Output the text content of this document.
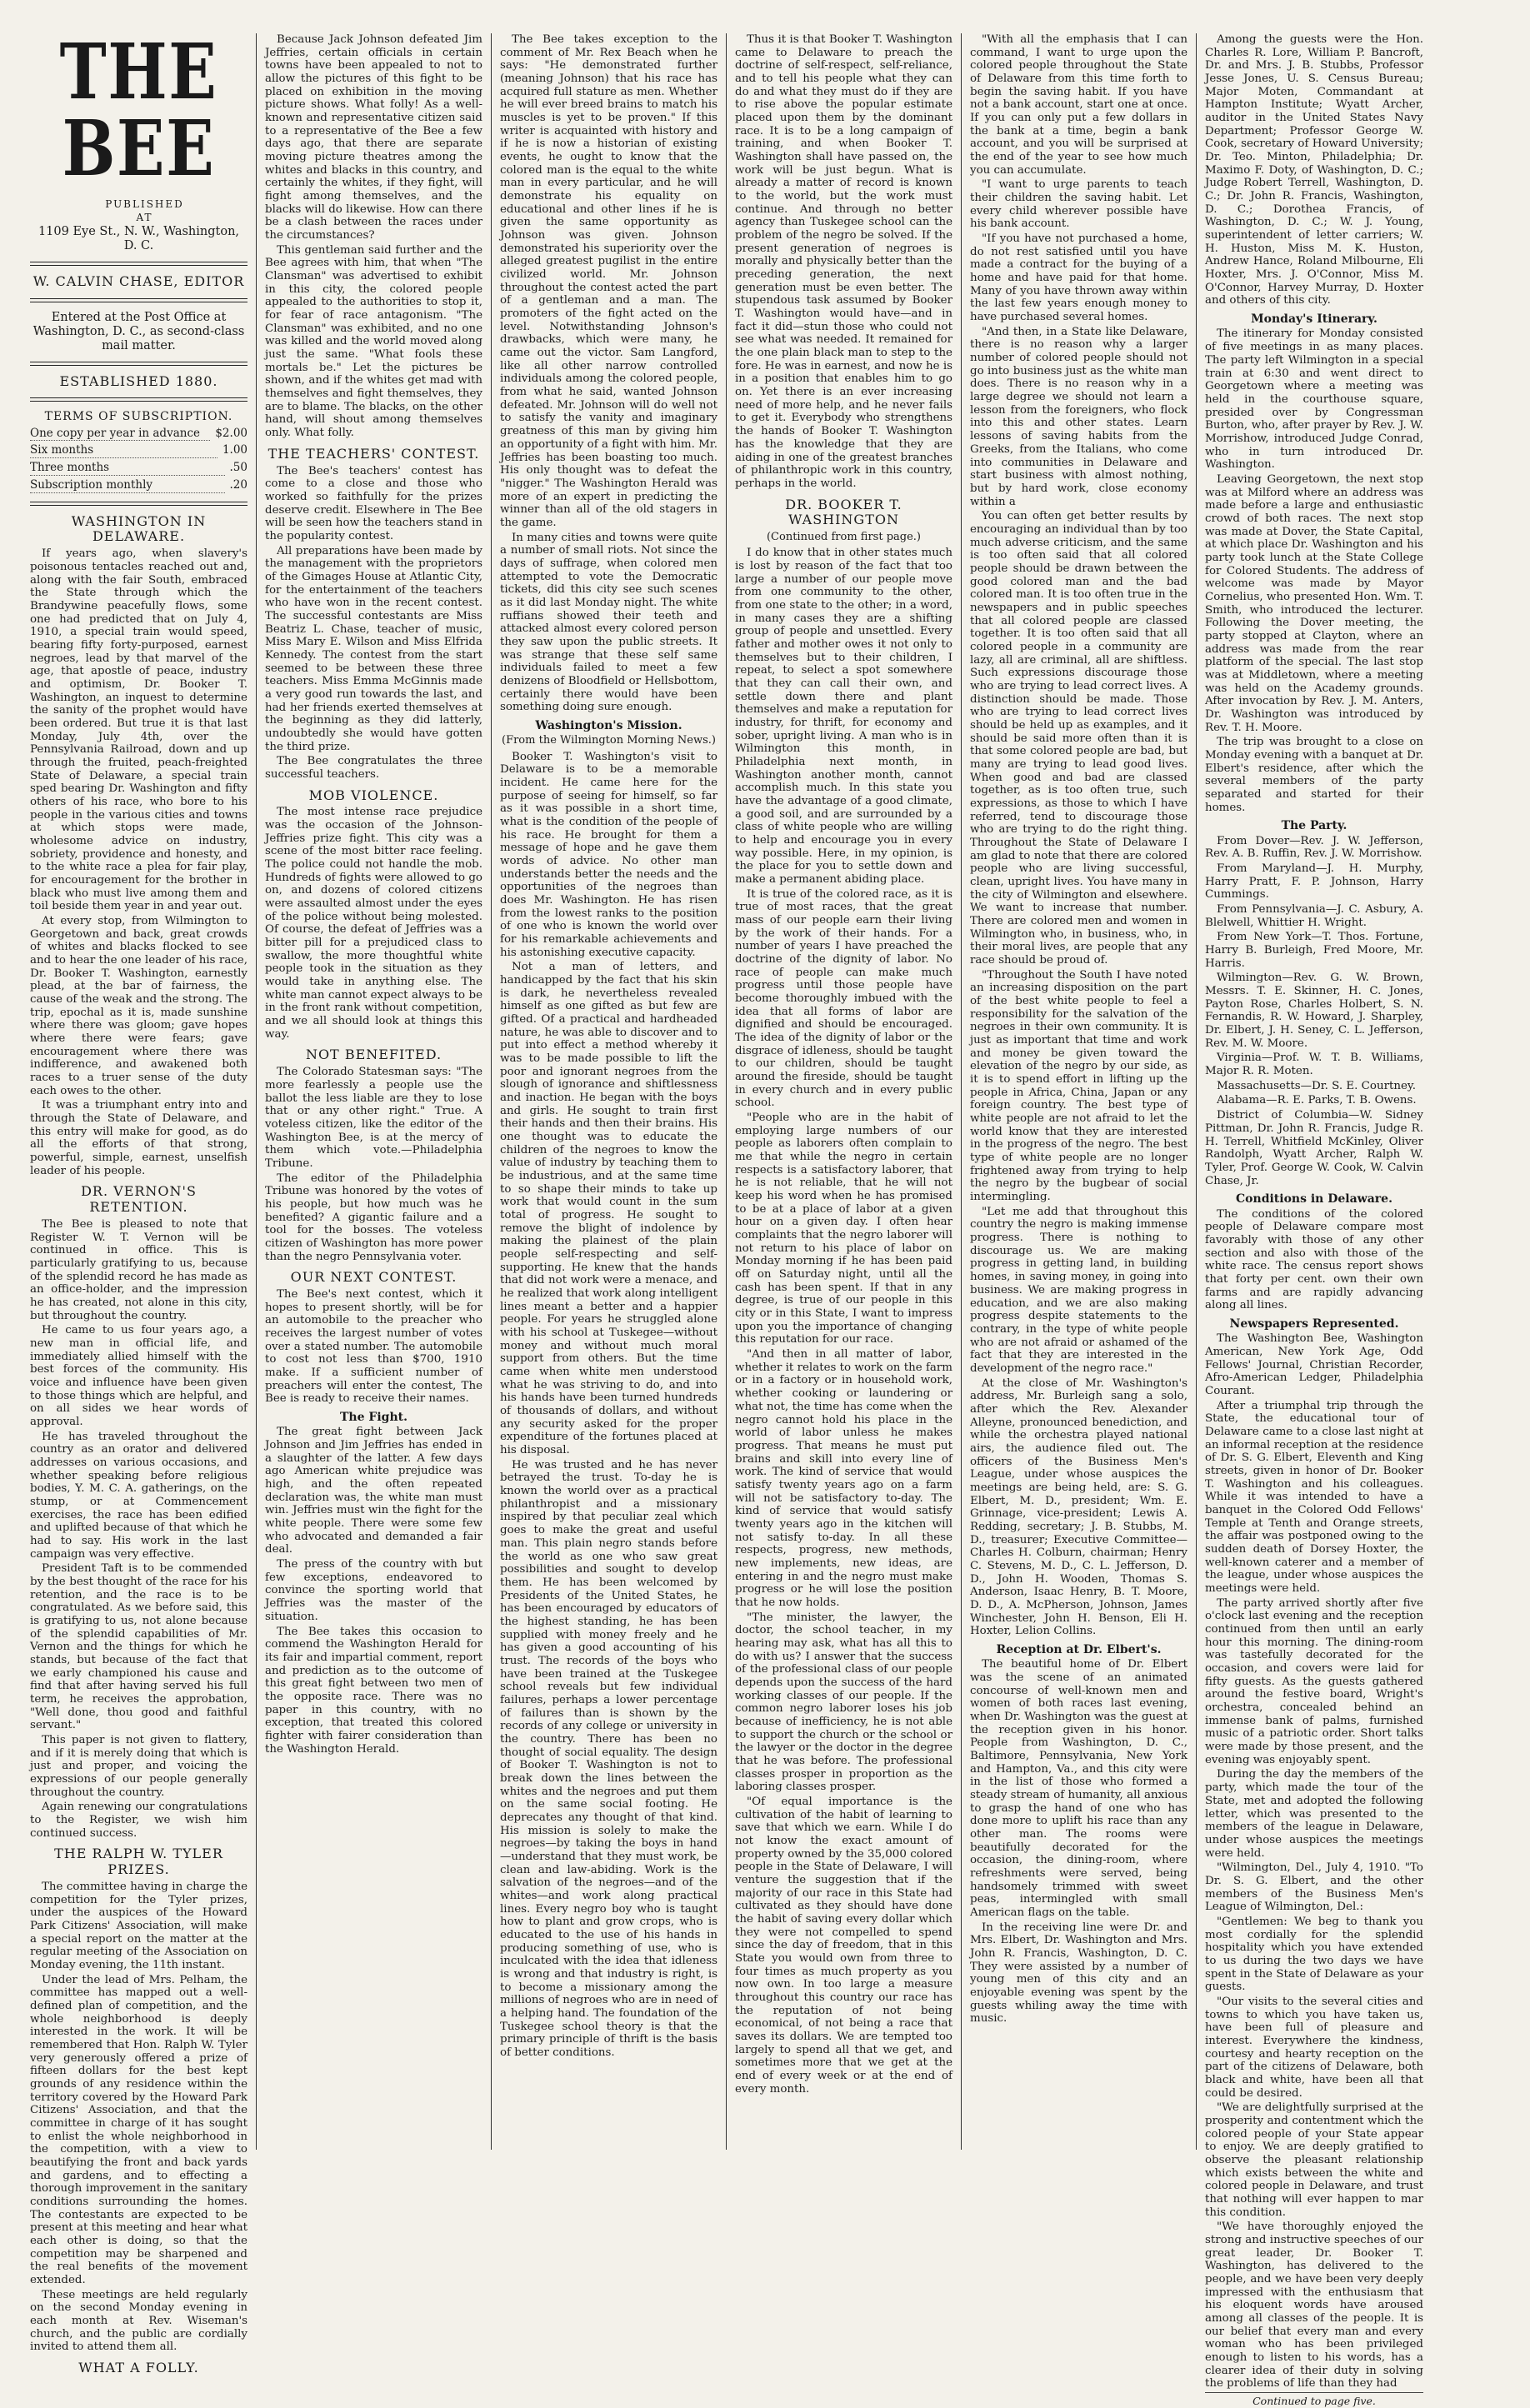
THE BEE

PUBLISHED

AT

1109 Eye St., N. W., Washington, D. C.

W. CALVIN CHASE, EDITOR

Entered at the Post Office at Washington, D. C., as second-class mail matter.

ESTABLISHED 1880.

TERMS OF SUBSCRIPTION.

One copy per year in advance	$2.00
Six months	1.00
Three months	.50
Subscription monthly	.20
WASHINGTON IN DELAWARE.

If years ago, when slavery's poisonous tentacles reached out and, along with the fair South, embraced the State through which the Brandywine peacefully flows, some one had predicted that on July 4, 1910, a special train would speed, bearing fifty forty-purposed, earnest negroes, lead by that marvel of the age, that apostle of peace, industry and optimism, Dr. Booker T. Washington, an inquest to determine the sanity of the prophet would have been ordered. But true it is that last Monday, July 4th, over the Pennsylvania Railroad, down and up through the fruited, peach-freighted State of Delaware, a special train sped bearing Dr. Washington and fifty others of his race, who bore to his people in the various cities and towns at which stops were made, wholesome advice on industry, sobriety, providence and honesty, and to the white race a plea for fair play, for encouragement for the brother in black who must live among them and toil beside them year in and year out.

At every stop, from Wilmington to Georgetown and back, great crowds of whites and blacks flocked to see and to hear the one leader of his race, Dr. Booker T. Washington, earnestly plead, at the bar of fairness, the cause of the weak and the strong. The trip, epochal as it is, made sunshine where there was gloom; gave hopes where there were fears; gave encouragement where there was indifference, and awakened both races to a truer sense of the duty each owes to the other.

It was a triumphant entry into and through the State of Delaware, and this entry will make for good, as do all the efforts of that strong, powerful, simple, earnest, unselfish leader of his people.

DR. VERNON'S RETENTION.

The Bee is pleased to note that Register W. T. Vernon will be continued in office. This is particularly gratifying to us, because of the splendid record he has made as an office-holder, and the impression he has created, not alone in this city, but throughout the country.

He came to us four years ago, a new man in official life, and immediately allied himself with the best forces of the community. His voice and influence have been given to those things which are helpful, and on all sides we hear words of approval.

He has traveled throughout the country as an orator and delivered addresses on various occasions, and whether speaking before religious bodies, Y. M. C. A. gatherings, on the stump, or at Commencement exercises, the race has been edified and uplifted because of that which he had to say. His work in the last campaign was very effective.

President Taft is to be commended by the best thought of the race for his retention, and the race is to be congratulated. As we before said, this is gratifying to us, not alone because of the splendid capabilities of Mr. Vernon and the things for which he stands, but because of the fact that we early championed his cause and find that after having served his full term, he receives the approbation, "Well done, thou good and faithful servant."

This paper is not given to flattery, and if it is merely doing that which is just and proper, and voicing the expressions of our people generally throughout the country.

Again renewing our congratulations to the Register, we wish him continued success.

THE RALPH W. TYLER PRIZES.

The committee having in charge the competition for the Tyler prizes, under the auspices of the Howard Park Citizens' Association, will make a special report on the matter at the regular meeting of the Association on Monday evening, the 11th instant.

Under the lead of Mrs. Pelham, the committee has mapped out a well-defined plan of competition, and the whole neighborhood is deeply interested in the work. It will be remembered that Hon. Ralph W. Tyler very generously offered a prize of fifteen dollars for the best kept grounds of any residence within the territory covered by the Howard Park Citizens' Association, and that the committee in charge of it has sought to enlist the whole neighborhood in the competition, with a view to beautifying the front and back yards and gardens, and to effecting a thorough improvement in the sanitary conditions surrounding the homes. The contestants are expected to be present at this meeting and hear what each other is doing, so that the competition may be sharpened and the real benefits of the movement extended.

These meetings are held regularly on the second Monday evening in each month at Rev. Wiseman's church, and the public are cordially invited to attend them all.

WHAT A FOLLY.

Because Jack Johnson defeated Jim Jeffries, certain officials in certain towns have been appealed to not to allow the pictures of this fight to be placed on exhibition in the moving picture shows. What folly! As a well-known and representative citizen said to a representative of the Bee a few days ago, that there are separate moving picture theatres among the whites and blacks in this country, and certainly the whites, if they fight, will fight among themselves, and the blacks will do likewise. How can there be a clash between the races under the circumstances?

This gentleman said further and the Bee agrees with him, that when "The Clansman" was advertised to exhibit in this city, the colored people appealed to the authorities to stop it, for fear of race antagonism. "The Clansman" was exhibited, and no one was killed and the world moved along just the same. "What fools these mortals be." Let the pictures be shown, and if the whites get mad with themselves and fight themselves, they are to blame. The blacks, on the other hand, will shout among themselves only. What folly.

THE TEACHERS' CONTEST.

The Bee's teachers' contest has come to a close and those who worked so faithfully for the prizes deserve credit. Elsewhere in The Bee will be seen how the teachers stand in the popularity contest.

All preparations have been made by the management with the proprietors of the Gimages House at Atlantic City, for the entertainment of the teachers who have won in the recent contest. The successful contestants are Miss Beatriz L. Chase, teacher of music, Miss Mary E. Wilson and Miss Elfrida Kennedy. The contest from the start seemed to be between these three teachers. Miss Emma McGinnis made a very good run towards the last, and had her friends exerted themselves at the beginning as they did latterly, undoubtedly she would have gotten the third prize.

The Bee congratulates the three successful teachers.

MOB VIOLENCE.

The most intense race prejudice was the occasion of the Johnson-Jeffries prize fight. This city was a scene of the most bitter race feeling. The police could not handle the mob. Hundreds of fights were allowed to go on, and dozens of colored citizens were assaulted almost under the eyes of the police without being molested. Of course, the defeat of Jeffries was a bitter pill for a prejudiced class to swallow, the more thoughtful white people took in the situation as they would take in anything else. The white man cannot expect always to be in the front rank without competition, and we all should look at things this way.

NOT BENEFITED.

The Colorado Statesman says: "The more fearlessly a people use the ballot the less liable are they to lose that or any other right." True. A voteless citizen, like the editor of the Washington Bee, is at the mercy of them which vote.—Philadelphia Tribune.

The editor of the Philadelphia Tribune was honored by the votes of his people, but how much was he benefited? A gigantic failure and a tool for the bosses. The voteless citizen of Washington has more power than the negro Pennsylvania voter.

OUR NEXT CONTEST.

The Bee's next contest, which it hopes to present shortly, will be for an automobile to the preacher who receives the largest number of votes over a stated number. The automobile to cost not less than $700, 1910 make. If a sufficient number of preachers will enter the contest, The Bee is ready to receive their names.

The Fight.

The great fight between Jack Johnson and Jim Jeffries has ended in a slaughter of the latter. A few days ago American white prejudice was high, and the often repeated declaration was, the white man must win. Jeffries must win the fight for the white people. There were some few who advocated and demanded a fair deal.

The press of the country with but few exceptions, endeavored to convince the sporting world that Jeffries was the master of the situation.

The Bee takes this occasion to commend the Washington Herald for its fair and impartial comment, report and prediction as to the outcome of this great fight between two men of the opposite race. There was no paper in this country, with no exception, that treated this colored fighter with fairer consideration than the Washington Herald.

The Bee takes exception to the comment of Mr. Rex Beach when he says: "He demonstrated further (meaning Johnson) that his race has acquired full stature as men. Whether he will ever breed brains to match his muscles is yet to be proven." If this writer is acquainted with history and if he is now a historian of existing events, he ought to know that the colored man is the equal to the white man in every particular, and he will demonstrate his equality on educational and other lines if he is given the same opportunity as Johnson was given. Johnson demonstrated his superiority over the alleged greatest pugilist in the entire civilized world. Mr. Johnson throughout the contest acted the part of a gentleman and a man. The promoters of the fight acted on the level. Notwithstanding Johnson's drawbacks, which were many, he came out the victor. Sam Langford, like all other narrow controlled individuals among the colored people, from what he said, wanted Johnson defeated. Mr. Johnson will do well not to satisfy the vanity and imaginary greatness of this man by giving him an opportunity of a fight with him. Mr. Jeffries has been boasting too much. His only thought was to defeat the "nigger." The Washington Herald was more of an expert in predicting the winner than all of the old stagers in the game.

In many cities and towns were quite a number of small riots. Not since the days of suffrage, when colored men attempted to vote the Democratic tickets, did this city see such scenes as it did last Monday night. The white ruffians showed their teeth and attacked almost every colored person they saw upon the public streets. It was strange that these self same individuals failed to meet a few denizens of Bloodfield or Hellsbottom, certainly there would have been something doing sure enough.

Washington's Mission.

(From the Wilmington Morning News.)

Booker T. Washington's visit to Delaware is to be a memorable incident. He came here for the purpose of seeing for himself, so far as it was possible in a short time, what is the condition of the people of his race. He brought for them a message of hope and he gave them words of advice. No other man understands better the needs and the opportunities of the negroes than does Mr. Washington. He has risen from the lowest ranks to the position of one who is known the world over for his remarkable achievements and his astonishing executive capacity.

Not a man of letters, and handicapped by the fact that his skin is dark, he nevertheless revealed himself as one gifted as but few are gifted. Of a practical and hardheaded nature, he was able to discover and to put into effect a method whereby it was to be made possible to lift the poor and ignorant negroes from the slough of ignorance and shiftlessness and inaction. He began with the boys and girls. He sought to train first their hands and then their brains. His one thought was to educate the children of the negroes to know the value of industry by teaching them to be industrious, and at the same time to so shape their minds to take up work that would count in the sum total of progress. He sought to remove the blight of indolence by making the plainest of the plain people self-respecting and self-supporting. He knew that the hands that did not work were a menace, and he realized that work along intelligent lines meant a better and a happier people. For years he struggled alone with his school at Tuskegee—without money and without much moral support from others. But the time came when white men understood what he was striving to do, and into his hands have been turned hundreds of thousands of dollars, and without any security asked for the proper expenditure of the fortunes placed at his disposal.

He was trusted and he has never betrayed the trust. To-day he is known the world over as a practical philanthropist and a missionary inspired by that peculiar zeal which goes to make the great and useful man. This plain negro stands before the world as one who saw great possibilities and sought to develop them. He has been welcomed by Presidents of the United States, he has been encouraged by educators of the highest standing, he has been supplied with money freely and he has given a good accounting of his trust. The records of the boys who have been trained at the Tuskegee school reveals but few individual failures, perhaps a lower percentage of failures than is shown by the records of any college or university in the country. There has been no thought of social equality. The design of Booker T. Washington is not to break down the lines between the whites and the negroes and put them on the same social footing. He deprecates any thought of that kind. His mission is solely to make the negroes—by taking the boys in hand—understand that they must work, be clean and law-abiding. Work is the salvation of the negroes—and of the whites—and work along practical lines. Every negro boy who is taught how to plant and grow crops, who is educated to the use of his hands in producing something of use, who is inculcated with the idea that idleness is wrong and that industry is right, is to become a missionary among the millions of negroes who are in need of a helping hand. The foundation of the Tuskegee school theory is that the primary principle of thrift is the basis of better conditions.

Thus it is that Booker T. Washington came to Delaware to preach the doctrine of self-respect, self-reliance, and to tell his people what they can do and what they must do if they are to rise above the popular estimate placed upon them by the dominant race. It is to be a long campaign of training, and when Booker T. Washington shall have passed on, the work will be just begun. What is already a matter of record is known to the world, but the work must continue. And through no better agency than Tuskegee school can the problem of the negro be solved. If the present generation of negroes is morally and physically better than the preceding generation, the next generation must be even better. The stupendous task assumed by Booker T. Washington would have—and in fact it did—stun those who could not see what was needed. It remained for the one plain black man to step to the fore. He was in earnest, and now he is in a position that enables him to go on. Yet there is an ever increasing need of more help, and he never fails to get it. Everybody who strengthens the hands of Booker T. Washington has the knowledge that they are aiding in one of the greatest branches of philanthropic work in this country, perhaps in the world.

DR. BOOKER T. WASHINGTON

(Continued from first page.)

I do know that in other states much is lost by reason of the fact that too large a number of our people move from one community to the other, from one state to the other; in a word, in many cases they are a shifting group of people and unsettled. Every father and mother owes it not only to themselves but to their children, I repeat, to select a spot somewhere that they can call their own, and settle down there and plant themselves and make a reputation for industry, for thrift, for economy and sober, upright living. A man who is in Wilmington this month, in Philadelphia next month, in Washington another month, cannot accomplish much. In this state you have the advantage of a good climate, a good soil, and are surrounded by a class of white people who are willing to help and encourage you in every way possible. Here, in my opinion, is the place for you to settle down and make a permanent abiding place.

It is true of the colored race, as it is true of most races, that the great mass of our people earn their living by the work of their hands. For a number of years I have preached the doctrine of the dignity of labor. No race of people can make much progress until those people have become thoroughly imbued with the idea that all forms of labor are dignified and should be encouraged. The idea of the dignity of labor or the disgrace of idleness, should be taught to our children, should be taught around the fireside, should be taught in every church and in every public school.

"People who are in the habit of employing large numbers of our people as laborers often complain to me that while the negro in certain respects is a satisfactory laborer, that he is not reliable, that he will not keep his word when he has promised to be at a place of labor at a given hour on a given day. I often hear complaints that the negro laborer will not return to his place of labor on Monday morning if he has been paid off on Saturday night, until all the cash has been spent. If that in any degree, is true of our people in this city or in this State, I want to impress upon you the importance of changing this reputation for our race.

"And then in all matter of labor, whether it relates to work on the farm or in a factory or in household work, whether cooking or laundering or what not, the time has come when the negro cannot hold his place in the world of labor unless he makes progress. That means he must put brains and skill into every line of work. The kind of service that would satisfy twenty years ago on a farm will not be satisfactory to-day. The kind of service that would satisfy twenty years ago in the kitchen will not satisfy to-day. In all these respects, progress, new methods, new implements, new ideas, are entering in and the negro must make progress or he will lose the position that he now holds.

"The minister, the lawyer, the doctor, the school teacher, in my hearing may ask, what has all this to do with us? I answer that the success of the professional class of our people depends upon the success of the hard working classes of our people. If the common negro laborer loses his job because of inefficiency, he is not able to support the church or the school or the lawyer or the doctor in the degree that he was before. The professional classes prosper in proportion as the laboring classes prosper.

"Of equal importance is the cultivation of the habit of learning to save that which we earn. While I do not know the exact amount of property owned by the 35,000 colored people in the State of Delaware, I will venture the suggestion that if the majority of our race in this State had cultivated as they should have done the habit of saving every dollar which they were not compelled to spend since the day of freedom, that in this State you would own from three to four times as much property as you now own. In too large a measure throughout this country our race has the reputation of not being economical, of not being a race that saves its dollars. We are tempted too largely to spend all that we get, and sometimes more that we get at the end of every week or at the end of every month.

"With all the emphasis that I can command, I want to urge upon the colored people throughout the State of Delaware from this time forth to begin the saving habit. If you have not a bank account, start one at once. If you can only put a few dollars in the bank at a time, begin a bank account, and you will be surprised at the end of the year to see how much you can accumulate.

"I want to urge parents to teach their children the saving habit. Let every child wherever possible have his bank account.

"If you have not purchased a home, do not rest satisfied until you have made a contract for the buying of a home and have paid for that home. Many of you have thrown away within the last few years enough money to have purchased several homes.

"And then, in a State like Delaware, there is no reason why a larger number of colored people should not go into business just as the white man does. There is no reason why in a large degree we should not learn a lesson from the foreigners, who flock into this and other states. Learn lessons of saving habits from the Greeks, from the Italians, who come into communities in Delaware and start business with almost nothing, but by hard work, close economy within a

You can often get better results by encouraging an individual than by too much adverse criticism, and the same is too often said that all colored people should be drawn between the good colored man and the bad colored man. It is too often true in the newspapers and in public speeches that all colored people are classed together. It is too often said that all colored people in a community are lazy, all are criminal, all are shiftless. Such expressions discourage those who are trying to lead correct lives. A distinction should be made. Those who are trying to lead correct lives should be held up as examples, and it should be said more often than it is that some colored people are bad, but many are trying to lead good lives. When good and bad are classed together, as is too often true, such expressions, as those to which I have referred, tend to discourage those who are trying to do the right thing. Throughout the State of Delaware I am glad to note that there are colored people who are living successful, clean, upright lives. You have many in the city of Wilmington and elsewhere. We want to increase that number. There are colored men and women in Wilmington who, in business, who, in their moral lives, are people that any race should be proud of.

"Throughout the South I have noted an increasing disposition on the part of the best white people to feel a responsibility for the salvation of the negroes in their own community. It is just as important that time and work and money be given toward the elevation of the negro by our side, as it is to spend effort in lifting up the people in Africa, China, Japan or any foreign country. The best type of white people are not afraid to let the world know that they are interested in the progress of the negro. The best type of white people are no longer frightened away from trying to help the negro by the bugbear of social intermingling.

"Let me add that throughout this country the negro is making immense progress. There is nothing to discourage us. We are making progress in getting land, in building homes, in saving money, in going into business. We are making progress in education, and we are also making progress despite statements to the contrary, in the type of white people who are not afraid or ashamed of the fact that they are interested in the development of the negro race."

At the close of Mr. Washington's address, Mr. Burleigh sang a solo, after which the Rev. Alexander Alleyne, pronounced benediction, and while the orchestra played national airs, the audience filed out. The officers of the Business Men's League, under whose auspices the meetings are being held, are: S. G. Elbert, M. D., president; Wm. E. Grinnage, vice-president; Lewis A. Redding, secretary; J. B. Stubbs, M. D., treasurer; Executive Committee—Charles H. Colburn, chairman; Henry C. Stevens, M. D., C. L. Jefferson, D. D., John H. Wooden, Thomas S. Anderson, Isaac Henry, B. T. Moore, D. D., A. McPherson, Johnson, James Winchester, John H. Benson, Eli H. Hoxter, Lelion Collins.

Reception at Dr. Elbert's.

The beautiful home of Dr. Elbert was the scene of an animated concourse of well-known men and women of both races last evening, when Dr. Washington was the guest at the reception given in his honor. People from Washington, D. C., Baltimore, Pennsylvania, New York and Hampton, Va., and this city were in the list of those who formed a steady stream of humanity, all anxious to grasp the hand of one who has done more to uplift his race than any other man. The rooms were beautifully decorated for the occasion, the dining-room, where refreshments were served, being handsomely trimmed with sweet peas, intermingled with small American flags on the table.

In the receiving line were Dr. and Mrs. Elbert, Dr. Washington and Mrs. John R. Francis, Washington, D. C. They were assisted by a number of young men of this city and an enjoyable evening was spent by the guests whiling away the time with music.

Among the guests were the Hon. Charles R. Lore, William P. Bancroft, Dr. and Mrs. J. B. Stubbs, Professor Jesse Jones, U. S. Census Bureau; Major Moten, Commandant at Hampton Institute; Wyatt Archer, auditor in the United States Navy Department; Professor George W. Cook, secretary of Howard University; Dr. Teo. Minton, Philadelphia; Dr. Maximo F. Doty, of Washington, D. C.; Judge Robert Terrell, Washington, D. C.; Dr. John R. Francis, Washington, D. C.; Dorothea Francis, of Washington, D. C.; W. J. Young, superintendent of letter carriers; W. H. Huston, Miss M. K. Huston, Andrew Hance, Roland Milbourne, Eli Hoxter, Mrs. J. O'Connor, Miss M. O'Connor, Harvey Murray, D. Hoxter and others of this city.

Monday's Itinerary.

The itinerary for Monday consisted of five meetings in as many places. The party left Wilmington in a special train at 6:30 and went direct to Georgetown where a meeting was held in the courthouse square, presided over by Congressman Burton, who, after prayer by Rev. J. W. Morrishow, introduced Judge Conrad, who in turn introduced Dr. Washington.

Leaving Georgetown, the next stop was at Milford where an address was made before a large and enthusiastic crowd of both races. The next stop was made at Dover, the State Capital, at which place Dr. Washington and his party took lunch at the State College for Colored Students. The address of welcome was made by Mayor Cornelius, who presented Hon. Wm. T. Smith, who introduced the lecturer. Following the Dover meeting, the party stopped at Clayton, where an address was made from the rear platform of the special. The last stop was at Middletown, where a meeting was held on the Academy grounds. After invocation by Rev. J. M. Anters, Dr. Washington was introduced by Rev. T. H. Moore.

The trip was brought to a close on Monday evening with a banquet at Dr. Elbert's residence, after which the several members of the party separated and started for their homes.

The Party.

From Dover—Rev. J. W. Jefferson, Rev. A. B. Ruffin, Rev. J. W. Morrishow.

From Maryland—J. H. Murphy, Harry Pratt, F. P. Johnson, Harry Cummings.

From Pennsylvania—J. C. Asbury, A. Blelwell, Whittier H. Wright.

From New York—T. Thos. Fortune, Harry B. Burleigh, Fred Moore, Mr. Harris.

Wilmington—Rev. G. W. Brown, Messrs. T. E. Skinner, H. C. Jones, Payton Rose, Charles Holbert, S. N. Fernandis, R. W. Howard, J. Sharpley, Dr. Elbert, J. H. Seney, C. L. Jefferson, Rev. M. W. Moore.

Virginia—Prof. W. T. B. Williams, Major R. R. Moten.

Massachusetts—Dr. S. E. Courtney.

Alabama—R. E. Parks, T. B. Owens.

District of Columbia—W. Sidney Pittman, Dr. John R. Francis, Judge R. H. Terrell, Whitfield McKinley, Oliver Randolph, Wyatt Archer, Ralph W. Tyler, Prof. George W. Cook, W. Calvin Chase, Jr.

Conditions in Delaware.

The conditions of the colored people of Delaware compare most favorably with those of any other section and also with those of the white race. The census report shows that forty per cent. own their own farms and are rapidly advancing along all lines.

Newspapers Represented.

The Washington Bee, Washington American, New York Age, Odd Fellows' Journal, Christian Recorder, Afro-American Ledger, Philadelphia Courant.

After a triumphal trip through the State, the educational tour of Delaware came to a close last night at an informal reception at the residence of Dr. S. G. Elbert, Eleventh and King streets, given in honor of Dr. Booker T. Washington and his colleagues. While it was intended to have a banquet in the Colored Odd Fellows' Temple at Tenth and Orange streets, the affair was postponed owing to the sudden death of Dorsey Hoxter, the well-known caterer and a member of the league, under whose auspices the meetings were held.

The party arrived shortly after five o'clock last evening and the reception continued from then until an early hour this morning. The dining-room was tastefully decorated for the occasion, and covers were laid for fifty guests. As the guests gathered around the festive board, Wright's orchestra, concealed behind an immense bank of palms, furnished music of a patriotic order. Short talks were made by those present, and the evening was enjoyably spent.

During the day the members of the party, which made the tour of the State, met and adopted the following letter, which was presented to the members of the league in Delaware, under whose auspices the meetings were held.

"Wilmington, Del., July 4, 1910. "To Dr. S. G. Elbert, and the other members of the Business Men's League of Wilmington, Del.:

"Gentlemen: We beg to thank you most cordially for the splendid hospitality which you have extended to us during the two days we have spent in the State of Delaware as your guests.

"Our visits to the several cities and towns to which you have taken us, have been full of pleasure and interest. Everywhere the kindness, courtesy and hearty reception on the part of the citizens of Delaware, both black and white, have been all that could be desired.

"We are delightfully surprised at the prosperity and contentment which the colored people of your State appear to enjoy. We are deeply gratified to observe the pleasant relationship which exists between the white and colored people in Delaware, and trust that nothing will ever happen to mar this condition.

"We have thoroughly enjoyed the strong and instructive speeches of our great leader, Dr. Booker T. Washington, has delivered to the people, and we have been very deeply impressed with the enthusiasm that his eloquent words have aroused among all classes of the people. It is our belief that every man and every woman who has been privileged enough to listen to his words, has a clearer idea of their duty in solving the problems of life than they had

Continued to page five.
